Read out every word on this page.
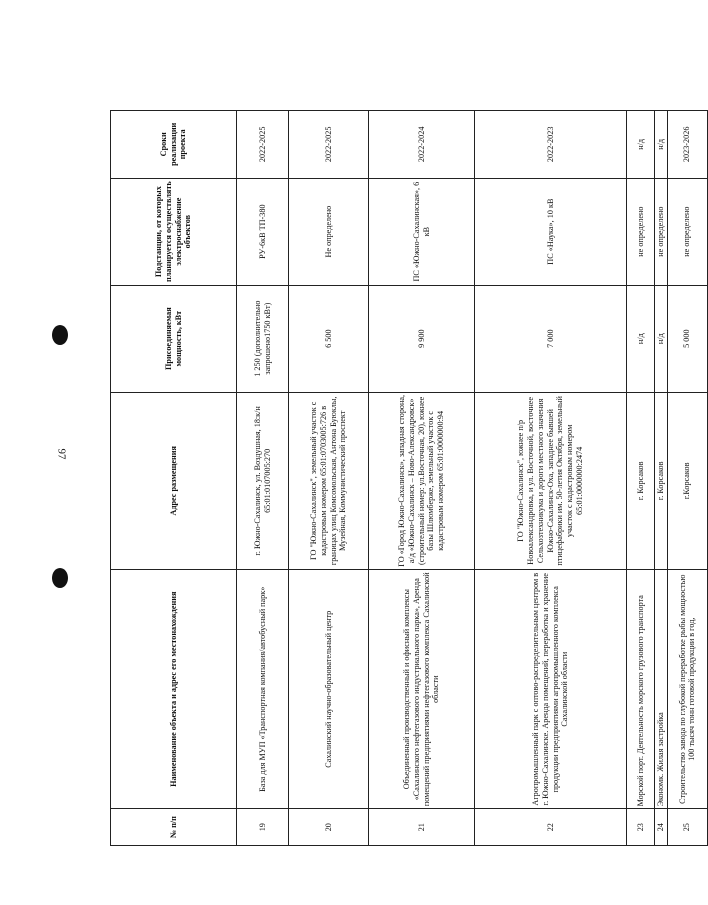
97
№ п/п	Наименование объекта и адрес его местонахождения	Адрес размещения	Присоединяемая мощность, кВт	Подстанции, от которых планируется осуществлять электроснабжение объектов	Сроки реализации проекта
19	База для МУП «Транспортная компания/автобусный парк»	г. Южно-Сахалинск, ул. Воздушная, 18:к/н 65:01:0107005:270	1 250 (дополнительно запрошено1750 кВт)	РУ-6кВ ТП-380	2022-2025
20	Сахалинский научно-образовательный центр	ГО "Южно-Сахалинск", земельный участок с кадастровым номером 65:01:0703005:726 в границах улиц Комсомольская, Антона Буюклы, Музейная, Коммунистический проспект	6 500	Не определено	2022-2025
21	Объединенный производственный и офисный комплексы «Сахалинского нефтегазового индустриального парка», Аренда помещений предприятиями нефтегазового комплекса Сахалинской области	ГО «Город Южно-Сахалинск», западная сторона, а/д «Южно-Сахалинск – Ново-Александровск» (строительный номер: ул.Восточная, 20), южнее базы Шлюмберже, земельный участок с кадастровым номером 65:01:0000000:94	9 900	ПС «Южно-Сахалинская», 6 кВ	2022-2024
22	Агропромышленный парк с оптово-распределительным центром в г. Южно-Сахалинске. Аренда помещений, переработка и хранение продукции предприятиями агропромышленного комплекса Сахалинской области	ГО "Южно-Сахалинск", южнее п/р Новоалександровка, и ул. Восточной, восточнее Сельхозтехникума и дороги местного значения Южно-Сахалинск-Оха, западнее бывшей птицефабрики им. 50-летия Октября, земельный участок с кадастровым номером 65:01:0000000:2474	7 000	ПС «Наука», 10 кВ	2022-2023
23	Морской порт. Деятельность морского грузового транспорта	г. Корсаков	н/д	не определено	н/д
24	Экономк. Жилая застройка	г. Корсаков	н/д	не определено	н/д
25	Строительство завода по глубокой переработке рыбы мощностью 100 тысяч тонн готовой продукции в год,	г.Корсаков	5 000	не определено	2023-2026
